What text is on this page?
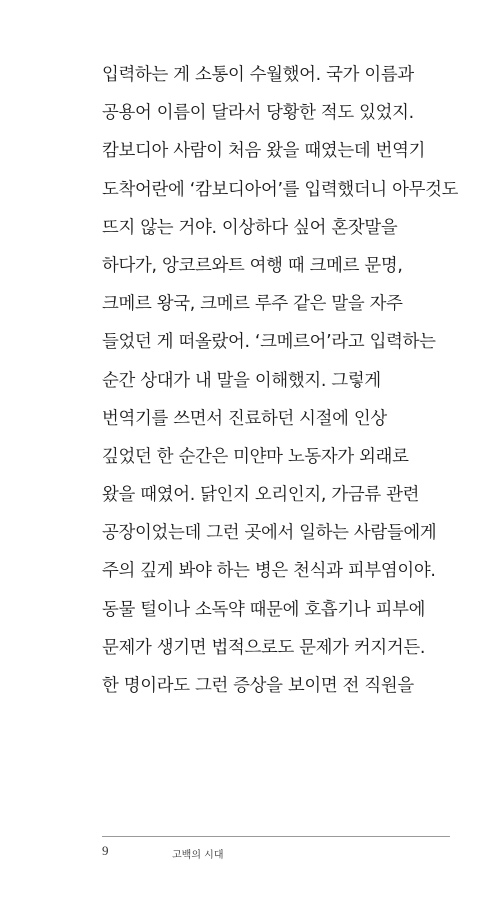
입력하는 게 소통이 수월했어. 국가 이름과
공용어 이름이 달라서 당황한 적도 있었지.
캄보디아 사람이 처음 왔을 때였는데 번역기
도착어란에 ‘캄보디아어’를 입력했더니 아무것도
뜨지 않는 거야. 이상하다 싶어 혼잣말을
하다가, 앙코르와트 여행 때 크메르 문명,
크메르 왕국, 크메르 루주 같은 말을 자주
들었던 게 떠올랐어. ‘크메르어’라고 입력하는
순간 상대가 내 말을 이해했지. 그렇게
번역기를 쓰면서 진료하던 시절에 인상
깊었던 한 순간은 미얀마 노동자가 외래로
왔을 때였어. 닭인지 오리인지, 가금류 관련
공장이었는데 그런 곳에서 일하는 사람들에게
주의 깊게 봐야 하는 병은 천식과 피부염이야.
동물 털이나 소독약 때문에 호흡기나 피부에
문제가 생기면 법적으로도 문제가 커지거든.
한 명이라도 그런 증상을 보이면 전 직원을
9	고백의 시대
